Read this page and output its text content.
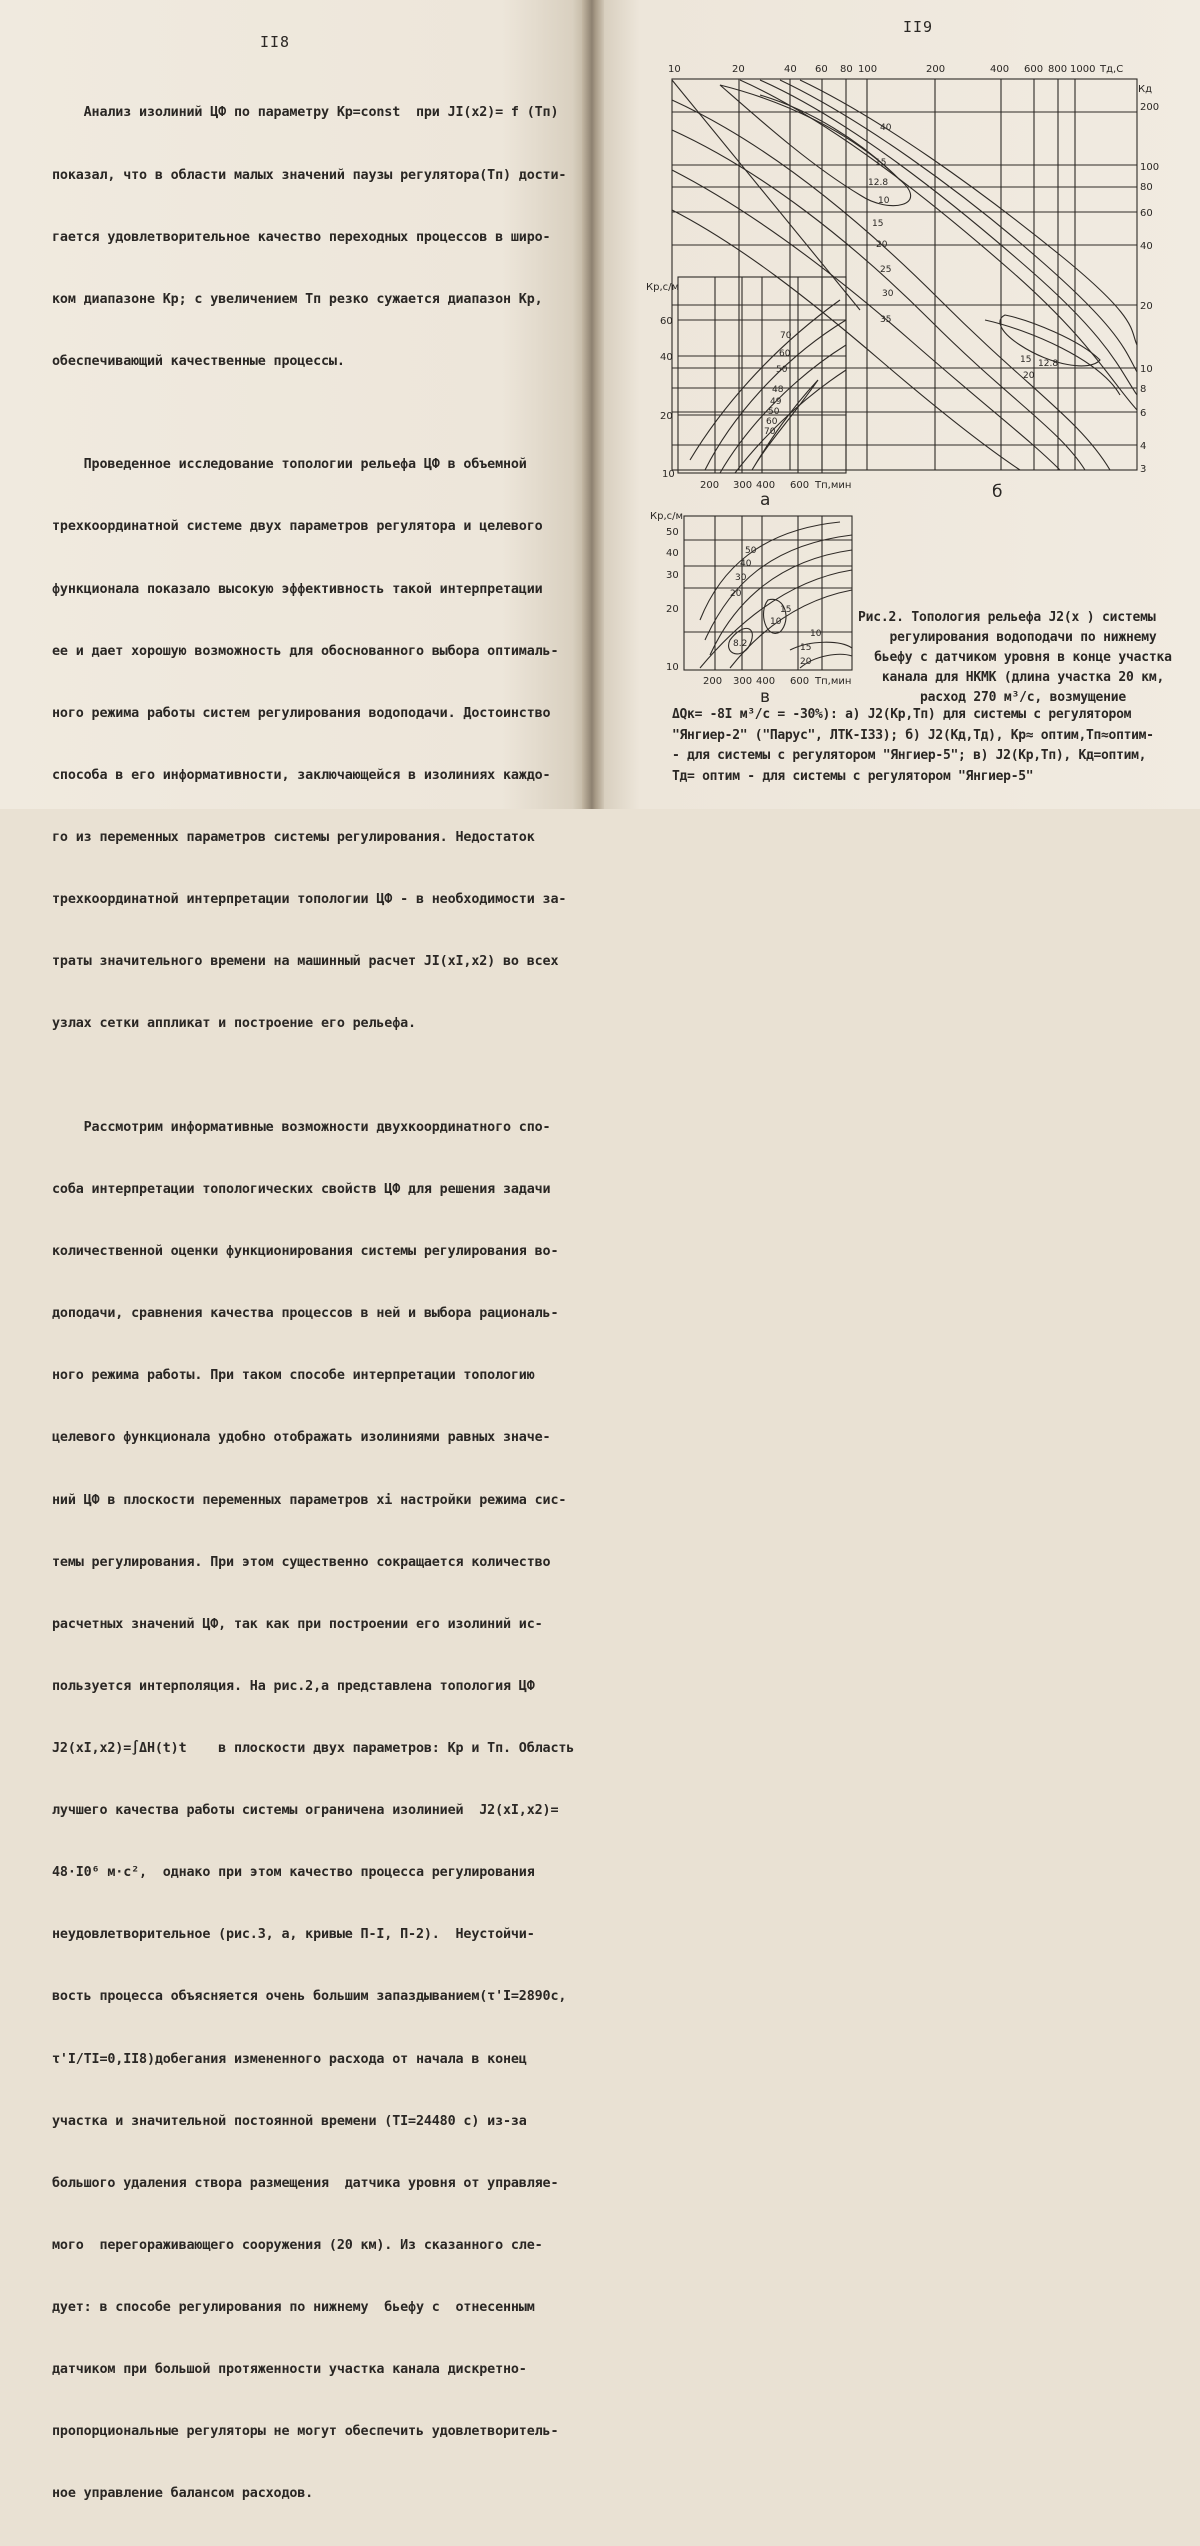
II8

Анализ изолиний ЦФ по параметру Кр=const  при JI(x2)= f (Тп)

показал, что в области малых значений паузы регулятора(Тп) дости-

гается удовлетворительное качество переходных процессов в широ-

ком диапазоне Кр; с увеличением Тп резко сужается диапазон Кр,

обеспечивающий качественные процессы.

Проведенное исследование топологии рельефа ЦФ в объемной

трехкоординатной системе двух параметров регулятора и целевого

функционала показало высокую эффективность такой интерпретации

ее и дает хорошую возможность для обоснованного выбора оптималь-

ного режима работы систем регулирования водоподачи. Достоинство

способа в его информативности, заключающейся в изолиниях каждо-

го из переменных параметров системы регулирования. Недостаток

трехкоординатной интерпретации топологии ЦФ - в необходимости за-

траты значительного времени на машинный расчет JI(xI,x2) во всех

узлах сетки аппликат и построение его рельефа.

Рассмотрим информативные возможности двухкоординатного спо-

соба интерпретации топологических свойств ЦФ для решения задачи

количественной оценки функционирования системы регулирования во-

доподачи, сравнения качества процессов в ней и выбора рациональ-

ного режима работы. При таком способе интерпретации топологию

целевого функционала удобно отображать изолиниями равных значе-

ний ЦФ в плоскости переменных параметров xi настройки режима сис-

темы регулирования. При этом существенно сокращается количество

расчетных значений ЦФ, так как при построении его изолиний ис-

пользуется интерполяция. На рис.2,а представлена топология ЦФ

J2(xI,x2)=∫ΔH(t)t    в плоскости двух параметров: Кр и Тп. Область

лучшего качества работы системы ограничена изолинией  J2(xI,x2)=

48·I0⁶ м·с²,  однако при этом качество процесса регулирования

неудовлетворительное (рис.3, а, кривые П-I, П-2).  Неустойчи-

вость процесса объясняется очень большим запаздыванием(τ'I=2890c,

τ'I/TI=0,II8)добегания измененного расхода от начала в конец

участка и значительной постоянной времени (TI=24480 с) из-за

большого удаления створа размещения  датчика уровня от управляе-

мого  перегораживающего сооружения (20 км). Из сказанного сле-

дует: в способе регулирования по нижнему  бьефу с  отнесенным

датчиком при большой протяженности участка канала дискретно-

пропорциональные регуляторы не могут обеспечить удовлетворитель-

ное управление балансом расходов.

II9
10	20	40 60 80 100	200	400 600 800 1000 Тд,С
Кд
200
100
80
60
40
20
10
8
6
4
3
40
15
12.8
10
15
20
25
30
35
15
20
12.8
б
Кр,с/м
60
40
20
10
200 300 400 600 Тп,мин
70
60
50
48
49
50
60
70
а
Кр,с/м
50
40
30
20
10
200 300 400 600 Тп,мин
50
40
30
20
15
10
10
15
20
8.2
в

Рис.2. Топология рельефа J2(x ) системы

регулирования водоподачи по нижнему

бьефу с датчиком уровня в конце участка

канала для НКМК (длина участка 20 км,

расход 270 м³/с, возмущение

ΔQк= -8I м³/с = -30%): а) J2(Кр,Тп) для системы с регулятором

"Янгиер-2" ("Парус", ЛТК-I33); б) J2(Кд,Тд), Кр≈ оптим,Тп≈оптим-

- для системы с регулятором "Янгиер-5"; в) J2(Кр,Тп), Кд=оптим,

Тд= оптим - для системы с регулятором "Янгиер-5"
